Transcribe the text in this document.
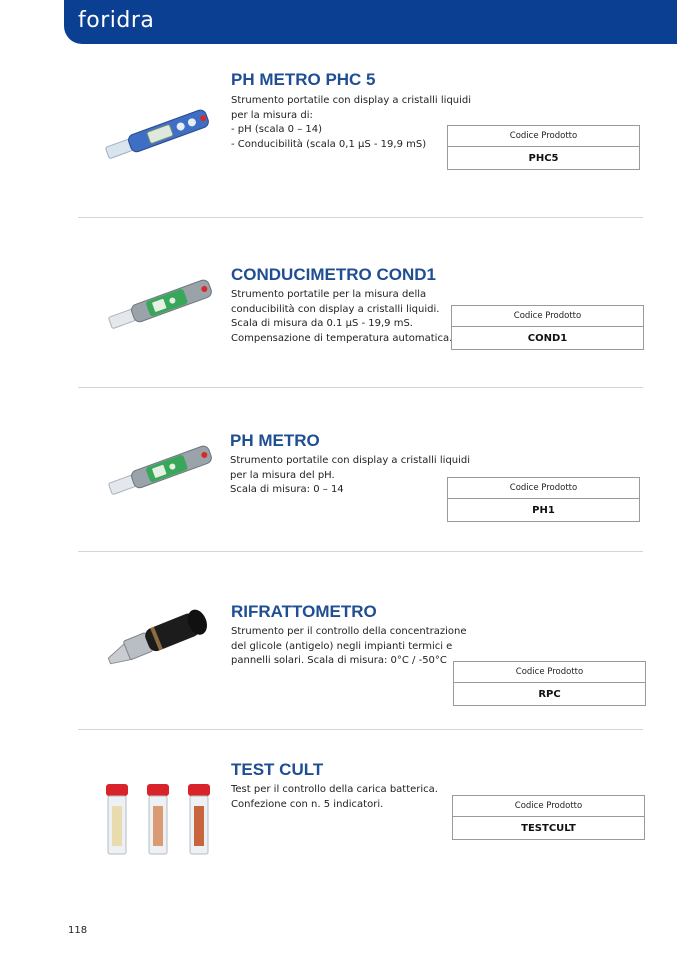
foridra
PH METRO PHC 5

Strumento portatile con display a cristalli liquidi

per la misura di:

- pH (scala 0 – 14)

- Conducibilità (scala 0,1 µS - 19,9 mS)

Codice Prodotto
PHC5
CONDUCIMETRO COND1

Strumento portatile per la misura della

conducibilità con display a cristalli liquidi.

Scala di misura da 0.1 µS - 19,9 mS.

Compensazione di temperatura automatica.

Codice Prodotto
COND1
PH METRO

Strumento portatile con display a cristalli liquidi

per la misura del pH.

Scala di misura: 0 – 14	Codice Prodotto
PH1
RIFRATTOMETRO

Strumento per il controllo della concentrazione

del glicole (antigelo) negli impianti termici e

pannelli solari. Scala di misura: 0°C / -50°C

Codice Prodotto
RPC
TEST CULT

Test per il controllo della carica batterica.

Confezione con n. 5 indicatori.	Codice Prodotto
TESTCULT
118
